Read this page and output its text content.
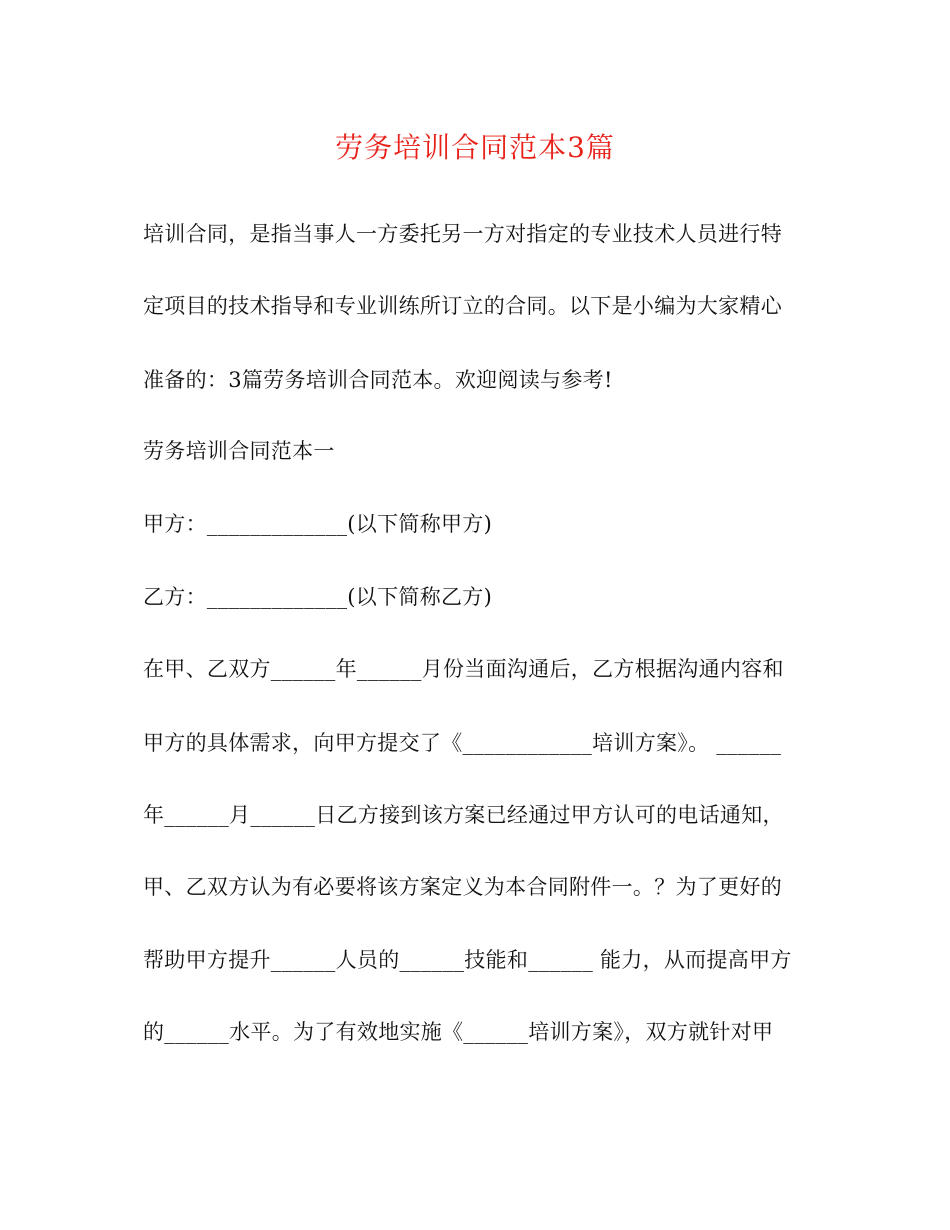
劳务培训合同范本3篇
培训合同，是指当事人一方委托另一方对指定的专业技术人员进行特
定项目的技术指导和专业训练所订立的合同。以下是小编为大家精心
准备的：3篇劳务培训合同范本。欢迎阅读与参考!
劳务培训合同范本一
甲方：_____________(以下简称甲方)
乙方：_____________(以下简称乙方)
在甲、乙双方______年______月份当面沟通后，乙方根据沟通内容和
甲方的具体需求，向甲方提交了《____________培训方案》。 ______
年______月______日乙方接到该方案已经通过甲方认可的电话通知，
甲、乙双方认为有必要将该方案定义为本合同附件一。？为了更好的
帮助甲方提升______人员的______技能和______ 能力，从而提高甲方
的______水平。为了有效地实施《______培训方案》，双方就针对甲
